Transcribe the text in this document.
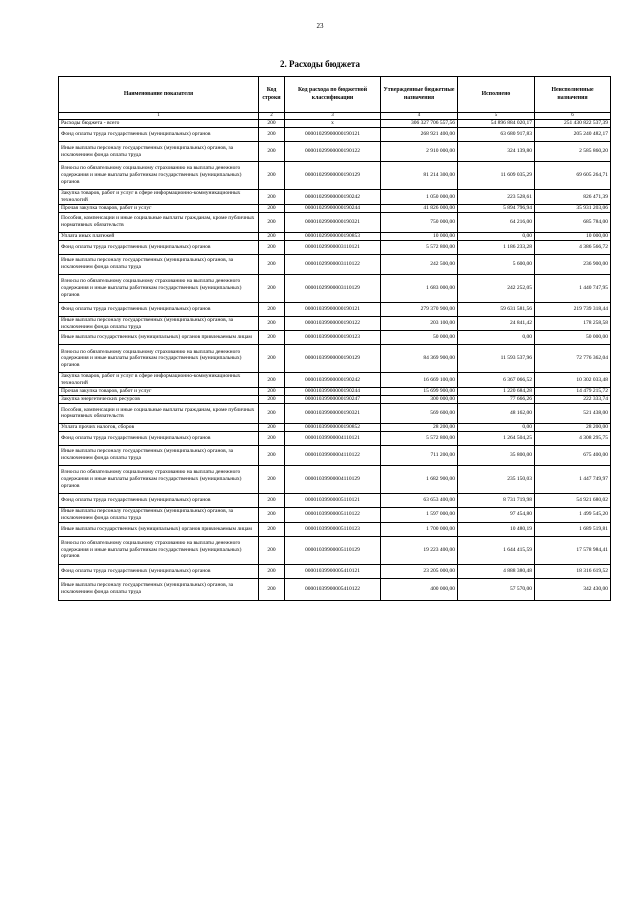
23
2. Расходы бюджета
Наименование показателя	Код строки	Код расхода по бюджетной классификации	Утвержденные бюджетные назначения	Исполнено	Неисполненные назначения
1	2	3	4	5	6
Расходы бюджета - всего	200	x	306 327 706 557,56	54 896 884 020,17	251 430 822 537,39
Фонд оплаты труда государственных (муниципальных) органов	200	00001029900000190121	268 921 400,00	63 680 917,83	205 240 482,17
Иные выплаты персоналу государственных (муниципальных) органов, за исключением фонда оплаты труда	200	00001029900000190122	2 910 000,00	324 139,80	2 585 860,20
Взносы по обязательному социальному страхованию на выплаты денежного содержания и иные выплаты работникам государственных (муниципальных) органов	200	00001029900000190129	81 214 300,00	11 609 035,29	69 605 264,71
Закупка товаров, работ и услуг в сфере информационно-коммуникационных технологий	200	00001029900000190242	1 050 000,00	223 528,61	826 471,39
Прочая закупка товаров, работ и услуг	200	00001029900000190244	41 826 000,00	5 894 796,94	35 931 203,06
Пособия, компенсации и иные социальные выплаты гражданам, кроме публичных нормативных обязательств	200	00001029900000190321	750 000,00	64 216,00	685 784,00
Уплата иных платежей	200	00001029900000190853	10 000,00	0,00	10 000,00
Фонд оплаты труда государственных (муниципальных) органов	200	00001029900003110121	5 572 800,00	1 186 233,28	4 386 566,72
Иные выплаты персоналу государственных (муниципальных) органов, за исключением фонда оплаты труда	200	00001029900003110122	242 500,00	5 600,00	236 900,00
Взносы по обязательному социальному страхованию на выплаты денежного содержания и иные выплаты работникам государственных (муниципальных) органов	200	00001029900003110129	1 683 000,00	242 252,05	1 440 747,95
Фонд оплаты труда государственных (муниципальных) органов	200	00001039900000190121	279 370 900,00	59 631 581,56	219 739 318,44
Иные выплаты персоналу государственных (муниципальных) органов, за исключением фонда оплаты труда	200	00001039900000190122	203 100,00	24 841,42	178 258,58
Иные выплаты государственных (муниципальных) органов привлекаемым лицам	200	00001039900000190123	50 000,00	0,00	50 000,00
Взносы по обязательному социальному страхованию на выплаты денежного содержания и иные выплаты работникам государственных (муниципальных) органов	200	00001039900000190129	84 369 900,00	11 593 537,96	72 776 362,04
Закупка товаров, работ и услуг в сфере информационно-коммуникационных технологий	200	00001039900000190242	16 669 100,00	6 367 066,52	10 302 033,48
Прочая закупка товаров, работ и услуг	200	00001039900000190244	15 699 900,00	1 220 684,28	14 479 215,72
Закупка энергетических ресурсов	200	00001039900000190247	300 000,00	77 666,26	222 333,74
Пособия, компенсации и иные социальные выплаты гражданам, кроме публичных нормативных обязательств	200	00001039900000190321	569 600,00	48 162,00	521 438,00
Уплата прочих налогов, сборов	200	00001039900000190852	28 200,00	0,00	28 200,00
Фонд оплаты труда государственных (муниципальных) органов	200	00001039900004110121	5 572 800,00	1 264 504,25	4 308 295,75
Иные выплаты персоналу государственных (муниципальных) органов, за исключением фонда оплаты труда	200	00001039900004110122	711 200,00	35 800,00	675 400,00
Взносы по обязательному социальному страхованию на выплаты денежного содержания и иные выплаты работникам государственных (муниципальных) органов	200	00001039900004110129	1 682 900,00	235 150,03	1 447 749,97
Фонд оплаты труда государственных (муниципальных) органов	200	00001039900005110121	63 653 400,00	8 731 719,98	54 921 680,02
Иные выплаты персоналу государственных (муниципальных) органов, за исключением фонда оплаты труда	200	00001039900005110122	1 597 000,00	97 454,80	1 499 545,20
Иные выплаты государственных (муниципальных) органов привлекаемым лицам	200	00001039900005110123	1 700 000,00	10 480,19	1 689 519,81
Взносы по обязательному социальному страхованию на выплаты денежного содержания и иные выплаты работникам государственных (муниципальных) органов	200	00001039900005110129	19 223 400,00	1 644 415,59	17 578 984,41
Фонд оплаты труда государственных (муниципальных) органов	200	00001039900005410121	23 205 000,00	4 888 380,48	18 316 619,52
Иные выплаты персоналу государственных (муниципальных) органов, за исключением фонда оплаты труда	200	00001039900005410122	400 000,00	57 570,00	342 430,00
